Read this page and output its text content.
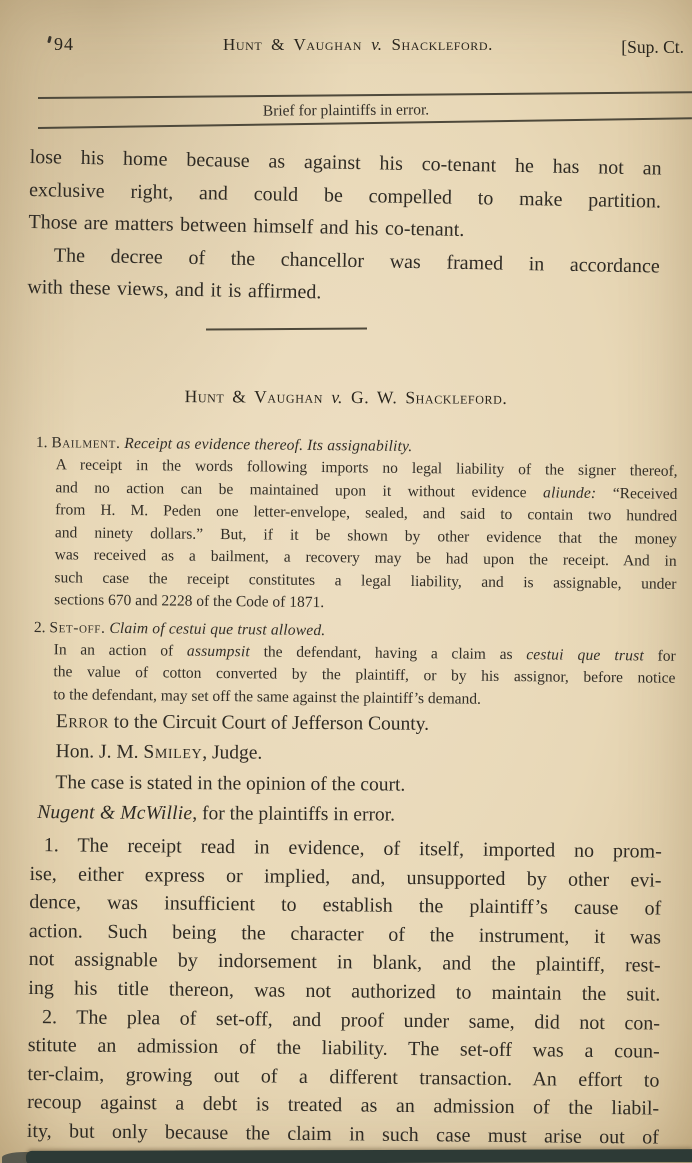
94	Hunt & Vaughan v. Shackleford.	[Sup. Ct.
Brief for plaintiffs in error.
lose his home because as against his co-tenant he has not an
exclusive right, and could be compelled to make partition.
Those are matters between himself and his co-tenant.
The decree of the chancellor was framed in accordance
with these views, and it is affirmed.
Hunt & Vaughan v. G. W. Shackleford.
1. Bailment. Receipt as evidence thereof. Its assignability.
A receipt in the words following imports no legal liability of the signer thereof,
and no action can be maintained upon it without evidence aliunde: “Received
from H. M. Peden one letter-envelope, sealed, and said to contain two hundred
and ninety dollars.” But, if it be shown by other evidence that the money
was received as a bailment, a recovery may be had upon the receipt. And in
such case the receipt constitutes a legal liability, and is assignable, under
sections 670 and 2228 of the Code of 1871.
2. Set-off. Claim of cestui que trust allowed.
In an action of assumpsit the defendant, having a claim as cestui que trust for
the value of cotton converted by the plaintiff, or by his assignor, before notice
to the defendant, may set off the same against the plaintiff’s demand.
Error to the Circuit Court of Jefferson County.
Hon. J. M. Smiley, Judge.
The case is stated in the opinion of the court.
Nugent & McWillie, for the plaintiffs in error.
1. The receipt read in evidence, of itself, imported no prom-
ise, either express or implied, and, unsupported by other evi-
dence, was insufficient to establish the plaintiff’s cause of
action. Such being the character of the instrument, it was
not assignable by indorsement in blank, and the plaintiff, rest-
ing his title thereon, was not authorized to maintain the suit.
2. The plea of set-off, and proof under same, did not con-
stitute an admission of the liability. The set-off was a coun-
ter-claim, growing out of a different transaction. An effort to
recoup against a debt is treated as an admission of the liabil-
ity, but only because the claim in such case must arise out of
